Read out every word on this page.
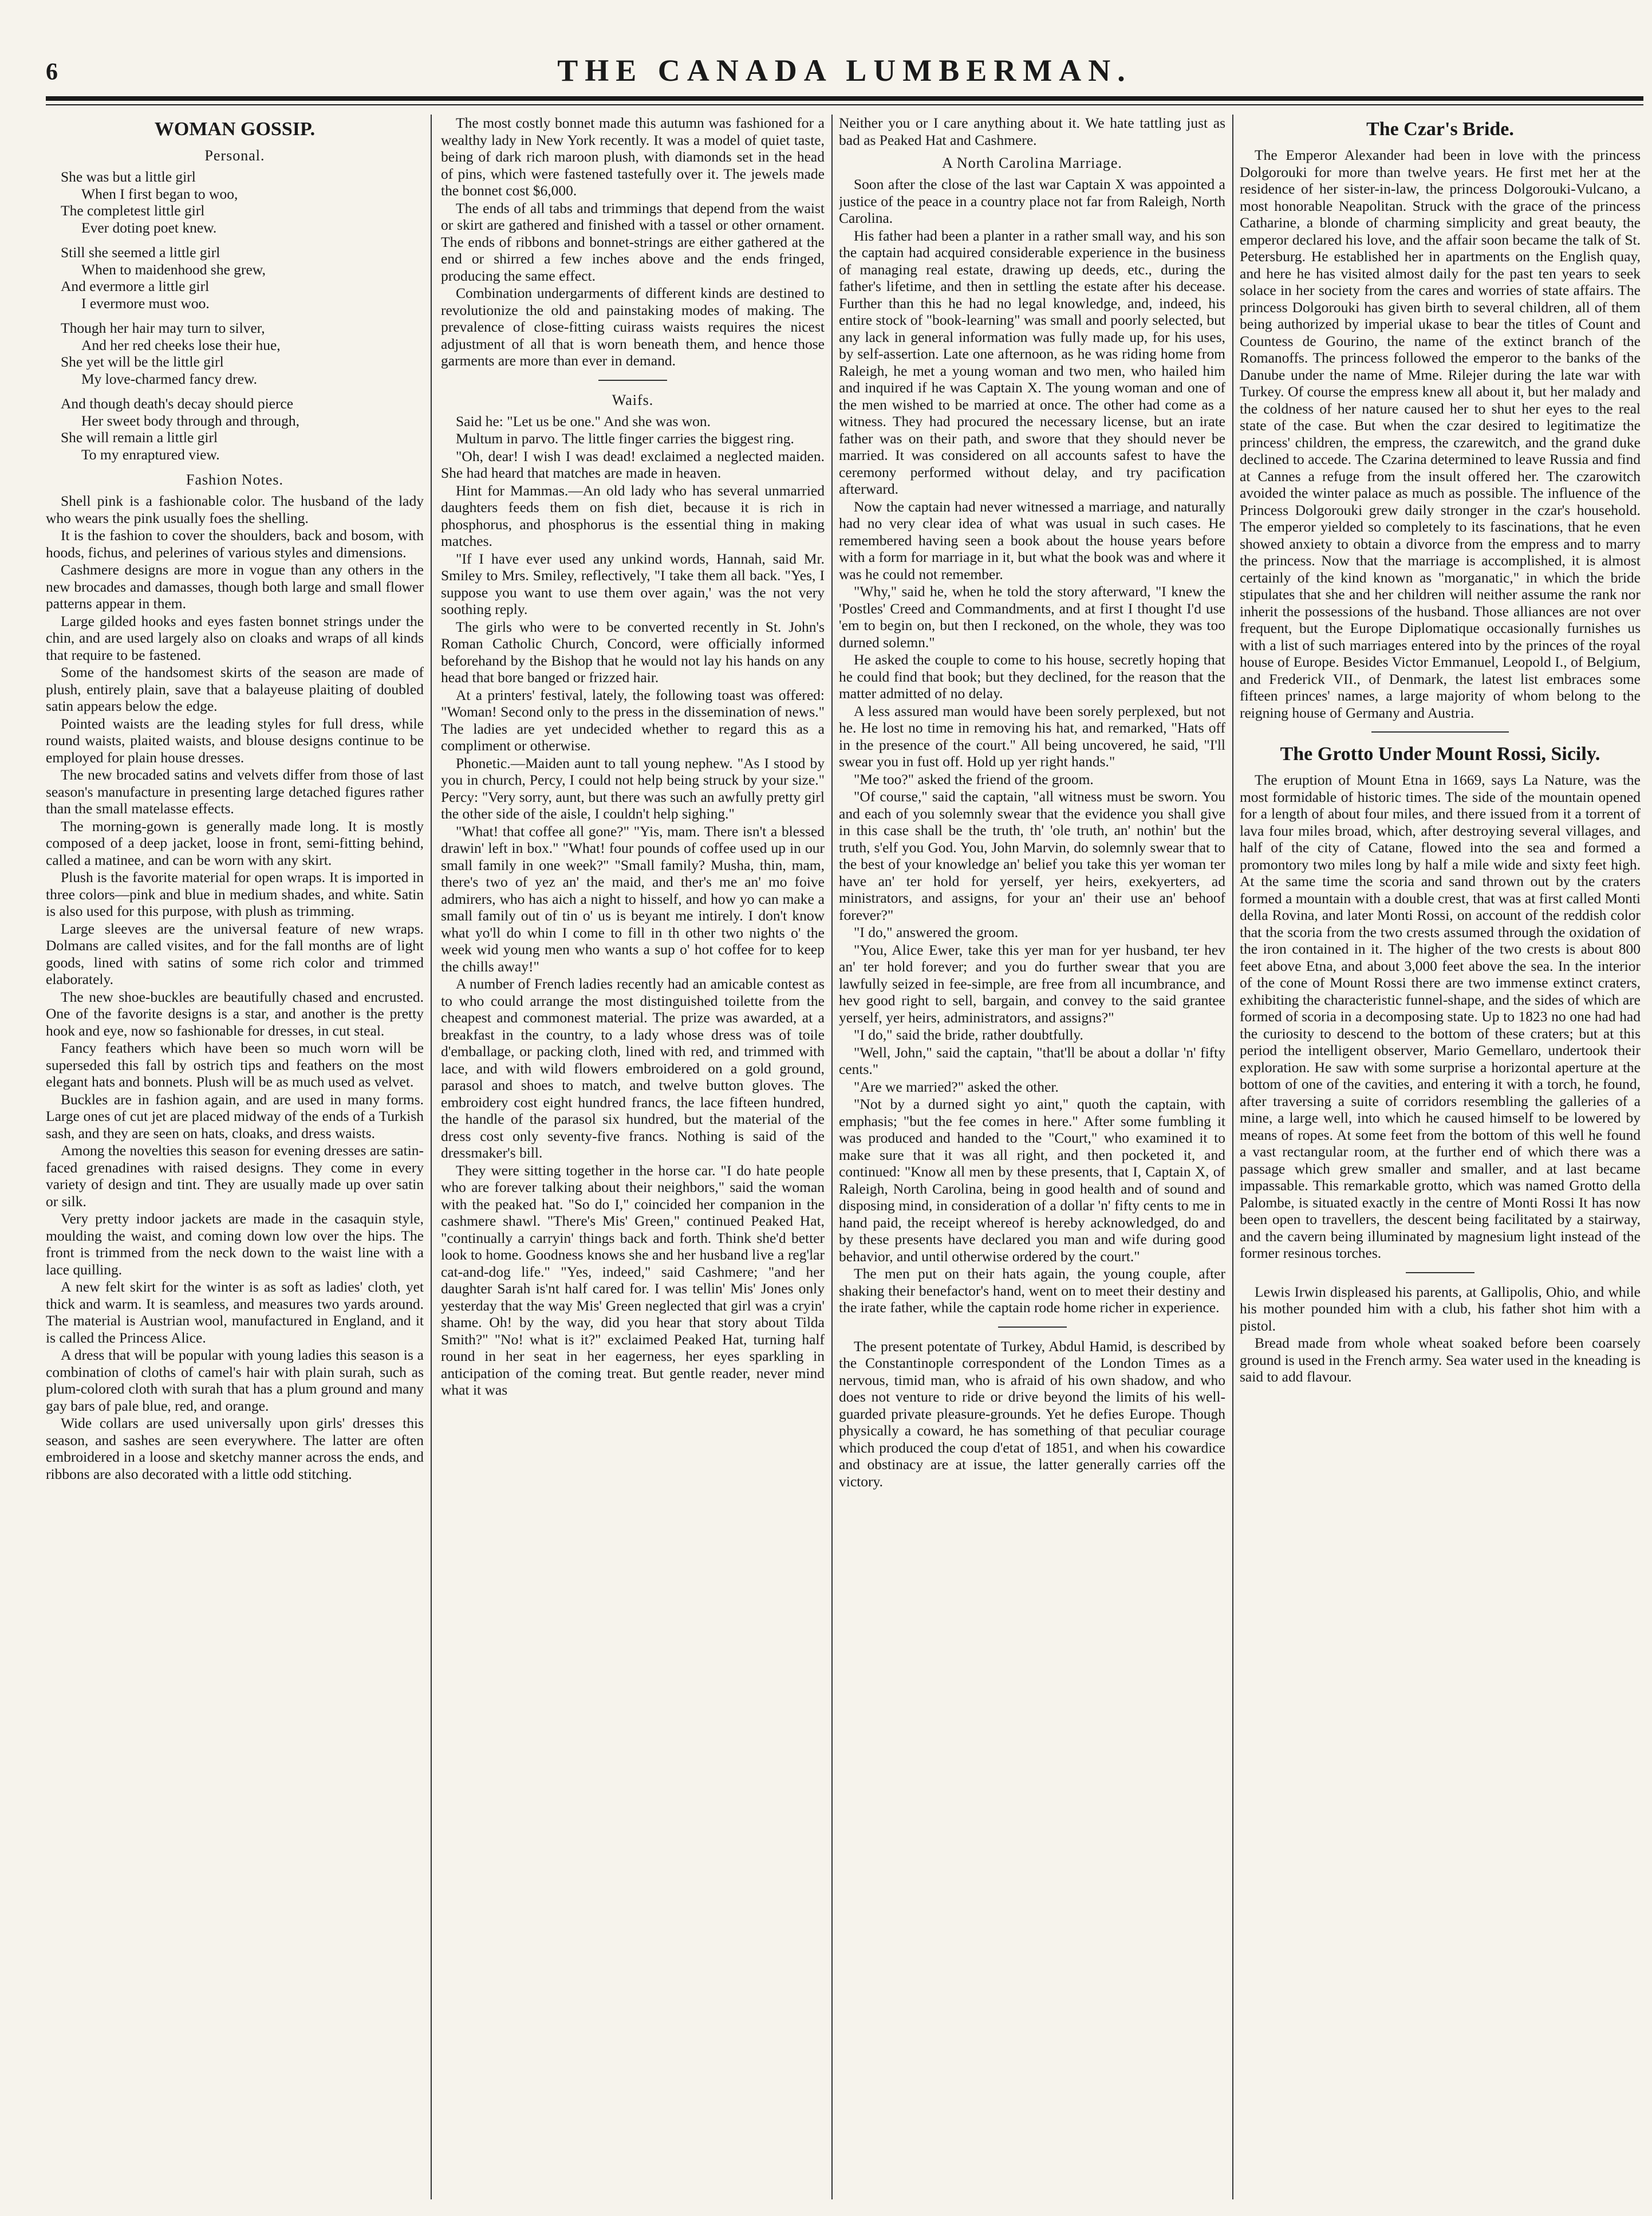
6	THE CANADA LUMBERMAN.
WOMAN GOSSIP.
Personal.
She was but a little girl
When I first began to woo,
The completest little girl
Ever doting poet knew.
Still she seemed a little girl
When to maidenhood she grew,
And evermore a little girl
I evermore must woo.
Though her hair may turn to silver,
And her red cheeks lose their hue,
She yet will be the little girl
My love-charmed fancy drew.
And though death's decay should pierce
Her sweet body through and through,
She will remain a little girl
To my enraptured view.
Fashion Notes.

Shell pink is a fashionable color. The husband of the lady who wears the pink usually foes the shelling.

It is the fashion to cover the shoulders, back and bosom, with hoods, fichus, and pelerines of various styles and dimensions.

Cashmere designs are more in vogue than any others in the new brocades and damasses, though both large and small flower patterns appear in them.

Large gilded hooks and eyes fasten bonnet strings under the chin, and are used largely also on cloaks and wraps of all kinds that require to be fastened.

Some of the handsomest skirts of the season are made of plush, entirely plain, save that a balayeuse plaiting of doubled satin appears below the edge.

Pointed waists are the leading styles for full dress, while round waists, plaited waists, and blouse designs continue to be employed for plain house dresses.

The new brocaded satins and velvets differ from those of last season's manufacture in presenting large detached figures rather than the small matelasse effects.

The morning-gown is generally made long. It is mostly composed of a deep jacket, loose in front, semi-fitting behind, called a matinee, and can be worn with any skirt.

Plush is the favorite material for open wraps. It is imported in three colors—pink and blue in medium shades, and white. Satin is also used for this purpose, with plush as trimming.

Large sleeves are the universal feature of new wraps. Dolmans are called visites, and for the fall months are of light goods, lined with satins of some rich color and trimmed elaborately.

The new shoe-buckles are beautifully chased and encrusted. One of the favorite designs is a star, and another is the pretty hook and eye, now so fashionable for dresses, in cut steal.

Fancy feathers which have been so much worn will be superseded this fall by ostrich tips and feathers on the most elegant hats and bonnets. Plush will be as much used as velvet.

Buckles are in fashion again, and are used in many forms. Large ones of cut jet are placed midway of the ends of a Turkish sash, and they are seen on hats, cloaks, and dress waists.

Among the novelties this season for evening dresses are satin-faced grenadines with raised designs. They come in every variety of design and tint. They are usually made up over satin or silk.

Very pretty indoor jackets are made in the casaquin style, moulding the waist, and coming down low over the hips. The front is trimmed from the neck down to the waist line with a lace quilling.

A new felt skirt for the winter is as soft as ladies' cloth, yet thick and warm. It is seamless, and measures two yards around. The material is Austrian wool, manufactured in England, and it is called the Princess Alice.

A dress that will be popular with young ladies this season is a combination of cloths of camel's hair with plain surah, such as plum-colored cloth with surah that has a plum ground and many gay bars of pale blue, red, and orange.

Wide collars are used universally upon girls' dresses this season, and sashes are seen everywhere. The latter are often embroidered in a loose and sketchy manner across the ends, and ribbons are also decorated with a little odd stitching.

The most costly bonnet made this autumn was fashioned for a wealthy lady in New York recently. It was a model of quiet taste, being of dark rich maroon plush, with diamonds set in the head of pins, which were fastened tastefully over it. The jewels made the bonnet cost $6,000.

The ends of all tabs and trimmings that depend from the waist or skirt are gathered and finished with a tassel or other ornament. The ends of ribbons and bonnet-strings are either gathered at the end or shirred a few inches above and the ends fringed, producing the same effect.

Combination undergarments of different kinds are destined to revolutionize the old and painstaking modes of making. The prevalence of close-fitting cuirass waists requires the nicest adjustment of all that is worn beneath them, and hence those garments are more than ever in demand.

Waifs.

Said he: "Let us be one." And she was won.

Multum in parvo. The little finger carries the biggest ring.

"Oh, dear! I wish I was dead! exclaimed a neglected maiden. She had heard that matches are made in heaven.

Hint for Mammas.—An old lady who has several unmarried daughters feeds them on fish diet, because it is rich in phosphorus, and phosphorus is the essential thing in making matches.

"If I have ever used any unkind words, Hannah, said Mr. Smiley to Mrs. Smiley, reflectively, "I take them all back. "Yes, I suppose you want to use them over again,' was the not very soothing reply.

The girls who were to be converted recently in St. John's Roman Catholic Church, Concord, were officially informed beforehand by the Bishop that he would not lay his hands on any head that bore banged or frizzed hair.

At a printers' festival, lately, the following toast was offered: "Woman! Second only to the press in the dissemination of news." The ladies are yet undecided whether to regard this as a compliment or otherwise.

Phonetic.—Maiden aunt to tall young nephew. "As I stood by you in church, Percy, I could not help being struck by your size." Percy: "Very sorry, aunt, but there was such an awfully pretty girl the other side of the aisle, I couldn't help sighing."

"What! that coffee all gone?" "Yis, mam. There isn't a blessed drawin' left in box." "What! four pounds of coffee used up in our small family in one week?" "Small family? Musha, thin, mam, there's two of yez an' the maid, and ther's me an' mo foive admirers, who has aich a night to hisself, and how yo can make a small family out of tin o' us is beyant me intirely. I don't know what yo'll do whin I come to fill in th other two nights o' the week wid young men who wants a sup o' hot coffee for to keep the chills away!"

A number of French ladies recently had an amicable contest as to who could arrange the most distinguished toilette from the cheapest and commonest material. The prize was awarded, at a breakfast in the country, to a lady whose dress was of toile d'emballage, or packing cloth, lined with red, and trimmed with lace, and with wild flowers embroidered on a gold ground, parasol and shoes to match, and twelve button gloves. The embroidery cost eight hundred francs, the lace fifteen hundred, the handle of the parasol six hundred, but the material of the dress cost only seventy-five francs. Nothing is said of the dressmaker's bill.

They were sitting together in the horse car. "I do hate people who are forever talking about their neighbors," said the woman with the peaked hat. "So do I," coincided her companion in the cashmere shawl. "There's Mis' Green," continued Peaked Hat, "continually a carryin' things back and forth. Think she'd better look to home. Goodness knows she and her husband live a reg'lar cat-and-dog life." "Yes, indeed," said Cashmere; "and her daughter Sarah is'nt half cared for. I was tellin' Mis' Jones only yesterday that the way Mis' Green neglected that girl was a cryin' shame. Oh! by the way, did you hear that story about Tilda Smith?" "No! what is it?" exclaimed Peaked Hat, turning half round in her seat in her eagerness, her eyes sparkling in anticipation of the coming treat. But gentle reader, never mind what it was

Neither you or I care anything about it. We hate tattling just as bad as Peaked Hat and Cashmere.

A North Carolina Marriage.

Soon after the close of the last war Captain X was appointed a justice of the peace in a country place not far from Raleigh, North Carolina.

His father had been a planter in a rather small way, and his son the captain had acquired considerable experience in the business of managing real estate, drawing up deeds, etc., during the father's lifetime, and then in settling the estate after his decease. Further than this he had no legal knowledge, and, indeed, his entire stock of "book-learning" was small and poorly selected, but any lack in general information was fully made up, for his uses, by self-assertion. Late one afternoon, as he was riding home from Raleigh, he met a young woman and two men, who hailed him and inquired if he was Captain X. The young woman and one of the men wished to be married at once. The other had come as a witness. They had procured the necessary license, but an irate father was on their path, and swore that they should never be married. It was considered on all accounts safest to have the ceremony performed without delay, and try pacification afterward.

Now the captain had never witnessed a marriage, and naturally had no very clear idea of what was usual in such cases. He remembered having seen a book about the house years before with a form for marriage in it, but what the book was and where it was he could not remember.

"Why," said he, when he told the story afterward, "I knew the 'Postles' Creed and Commandments, and at first I thought I'd use 'em to begin on, but then I reckoned, on the whole, they was too durned solemn."

He asked the couple to come to his house, secretly hoping that he could find that book; but they declined, for the reason that the matter admitted of no delay.

A less assured man would have been sorely perplexed, but not he. He lost no time in removing his hat, and remarked, "Hats off in the presence of the court." All being uncovered, he said, "I'll swear you in fust off. Hold up yer right hands."

"Me too?" asked the friend of the groom.

"Of course," said the captain, "all witness must be sworn. You and each of you solemnly swear that the evidence you shall give in this case shall be the truth, th' 'ole truth, an' nothin' but the truth, s'elf you God. You, John Marvin, do solemnly swear that to the best of your knowledge an' belief you take this yer woman ter have an' ter hold for yerself, yer heirs, exekyerters, ad ministrators, and assigns, for your an' their use an' behoof forever?"

"I do," answered the groom.

"You, Alice Ewer, take this yer man for yer husband, ter hev an' ter hold forever; and you do further swear that you are lawfully seized in fee-simple, are free from all incumbrance, and hev good right to sell, bargain, and convey to the said grantee yerself, yer heirs, administrators, and assigns?"

"I do," said the bride, rather doubtfully.

"Well, John," said the captain, "that'll be about a dollar 'n' fifty cents."

"Are we married?" asked the other.

"Not by a durned sight yo aint," quoth the captain, with emphasis; "but the fee comes in here." After some fumbling it was produced and handed to the "Court," who examined it to make sure that it was all right, and then pocketed it, and continued: "Know all men by these presents, that I, Captain X, of Raleigh, North Carolina, being in good health and of sound and disposing mind, in consideration of a dollar 'n' fifty cents to me in hand paid, the receipt whereof is hereby acknowledged, do and by these presents have declared you man and wife during good behavior, and until otherwise ordered by the court."

The men put on their hats again, the young couple, after shaking their benefactor's hand, went on to meet their destiny and the irate father, while the captain rode home richer in experience.

The present potentate of Turkey, Abdul Hamid, is described by the Constantinople correspondent of the London Times as a nervous, timid man, who is afraid of his own shadow, and who does not venture to ride or drive beyond the limits of his well-guarded private pleasure-grounds. Yet he defies Europe. Though physically a coward, he has something of that peculiar courage which produced the coup d'etat of 1851, and when his cowardice and obstinacy are at issue, the latter generally carries off the victory.

The Czar's Bride.

The Emperor Alexander had been in love with the princess Dolgorouki for more than twelve years. He first met her at the residence of her sister-in-law, the princess Dolgorouki-Vulcano, a most honorable Neapolitan. Struck with the grace of the princess Catharine, a blonde of charming simplicity and great beauty, the emperor declared his love, and the affair soon became the talk of St. Petersburg. He established her in apartments on the English quay, and here he has visited almost daily for the past ten years to seek solace in her society from the cares and worries of state affairs. The princess Dolgorouki has given birth to several children, all of them being authorized by imperial ukase to bear the titles of Count and Countess de Gourino, the name of the extinct branch of the Romanoffs. The princess followed the emperor to the banks of the Danube under the name of Mme. Rilejer during the late war with Turkey. Of course the empress knew all about it, but her malady and the coldness of her nature caused her to shut her eyes to the real state of the case. But when the czar desired to legitimatize the princess' children, the empress, the czarewitch, and the grand duke declined to accede. The Czarina determined to leave Russia and find at Cannes a refuge from the insult offered her. The czarowitch avoided the winter palace as much as possible. The influence of the Princess Dolgorouki grew daily stronger in the czar's household. The emperor yielded so completely to its fascinations, that he even showed anxiety to obtain a divorce from the empress and to marry the princess. Now that the marriage is accomplished, it is almost certainly of the kind known as "morganatic," in which the bride stipulates that she and her children will neither assume the rank nor inherit the possessions of the husband. Those alliances are not over frequent, but the Europe Diplomatique occasionally furnishes us with a list of such marriages entered into by the princes of the royal house of Europe. Besides Victor Emmanuel, Leopold I., of Belgium, and Frederick VII., of Denmark, the latest list embraces some fifteen princes' names, a large majority of whom belong to the reigning house of Germany and Austria.

The Grotto Under Mount Rossi, Sicily.

The eruption of Mount Etna in 1669, says La Nature, was the most formidable of historic times. The side of the mountain opened for a length of about four miles, and there issued from it a torrent of lava four miles broad, which, after destroying several villages, and half of the city of Catane, flowed into the sea and formed a promontory two miles long by half a mile wide and sixty feet high. At the same time the scoria and sand thrown out by the craters formed a mountain with a double crest, that was at first called Monti della Rovina, and later Monti Rossi, on account of the reddish color that the scoria from the two crests assumed through the oxidation of the iron contained in it. The higher of the two crests is about 800 feet above Etna, and about 3,000 feet above the sea. In the interior of the cone of Mount Rossi there are two immense extinct craters, exhibiting the characteristic funnel-shape, and the sides of which are formed of scoria in a decomposing state. Up to 1823 no one had had the curiosity to descend to the bottom of these craters; but at this period the intelligent observer, Mario Gemellaro, undertook their exploration. He saw with some surprise a horizontal aperture at the bottom of one of the cavities, and entering it with a torch, he found, after traversing a suite of corridors resembling the galleries of a mine, a large well, into which he caused himself to be lowered by means of ropes. At some feet from the bottom of this well he found a vast rectangular room, at the further end of which there was a passage which grew smaller and smaller, and at last became impassable. This remarkable grotto, which was named Grotto della Palombe, is situated exactly in the centre of Monti Rossi It has now been open to travellers, the descent being facilitated by a stairway, and the cavern being illuminated by magnesium light instead of the former resinous torches.

Lewis Irwin displeased his parents, at Gallipolis, Ohio, and while his mother pounded him with a club, his father shot him with a pistol.

Bread made from whole wheat soaked before been coarsely ground is used in the French army. Sea water used in the kneading is said to add flavour.
